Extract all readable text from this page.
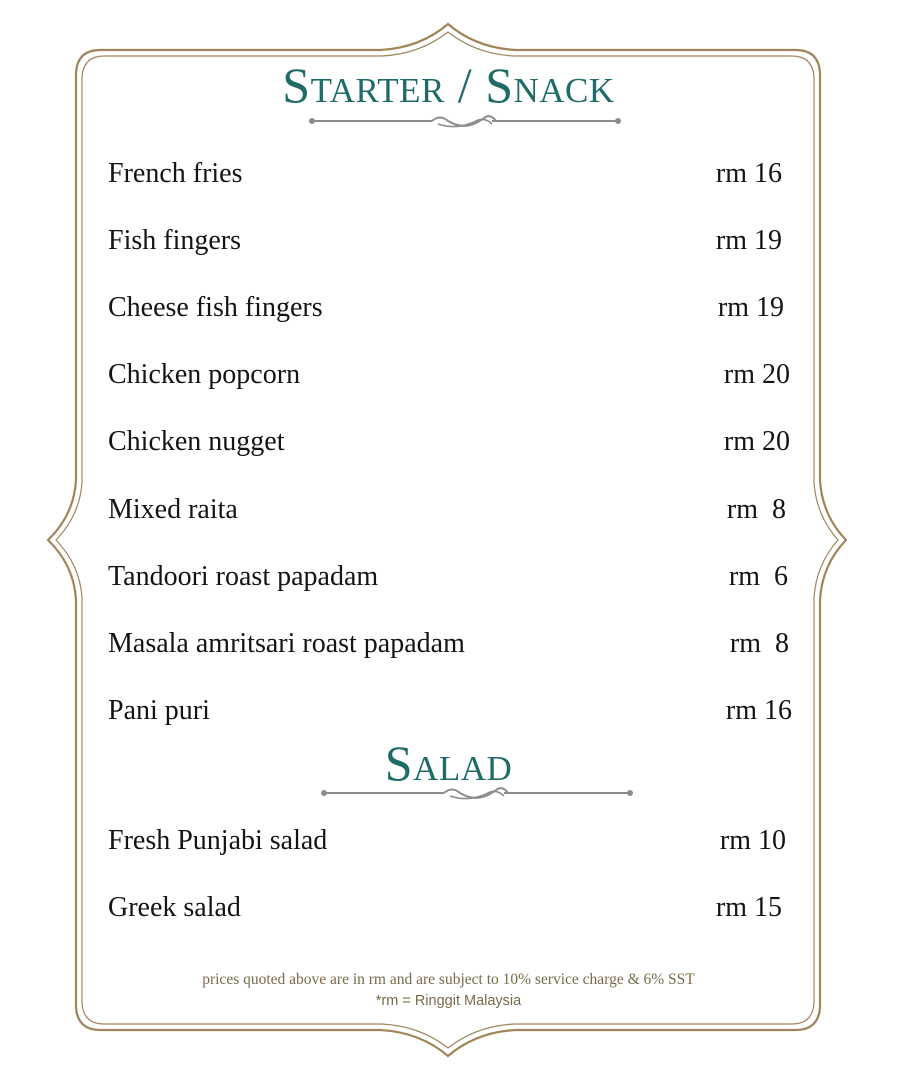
Starter / Snack
French fries	rm 16
Fish fingers	rm 19
Cheese fish fingers	rm 19
Chicken popcorn	rm 20
Chicken nugget	rm 20
Mixed raita	rm  8
Tandoori roast papadam	rm  6
Masala amritsari roast papadam	rm  8
Pani puri	rm 16
Salad
Fresh Punjabi salad	rm 10
Greek salad	rm 15
prices quoted above are in rm and are subject to 10% service charge & 6% SST
*rm = Ringgit Malaysia
